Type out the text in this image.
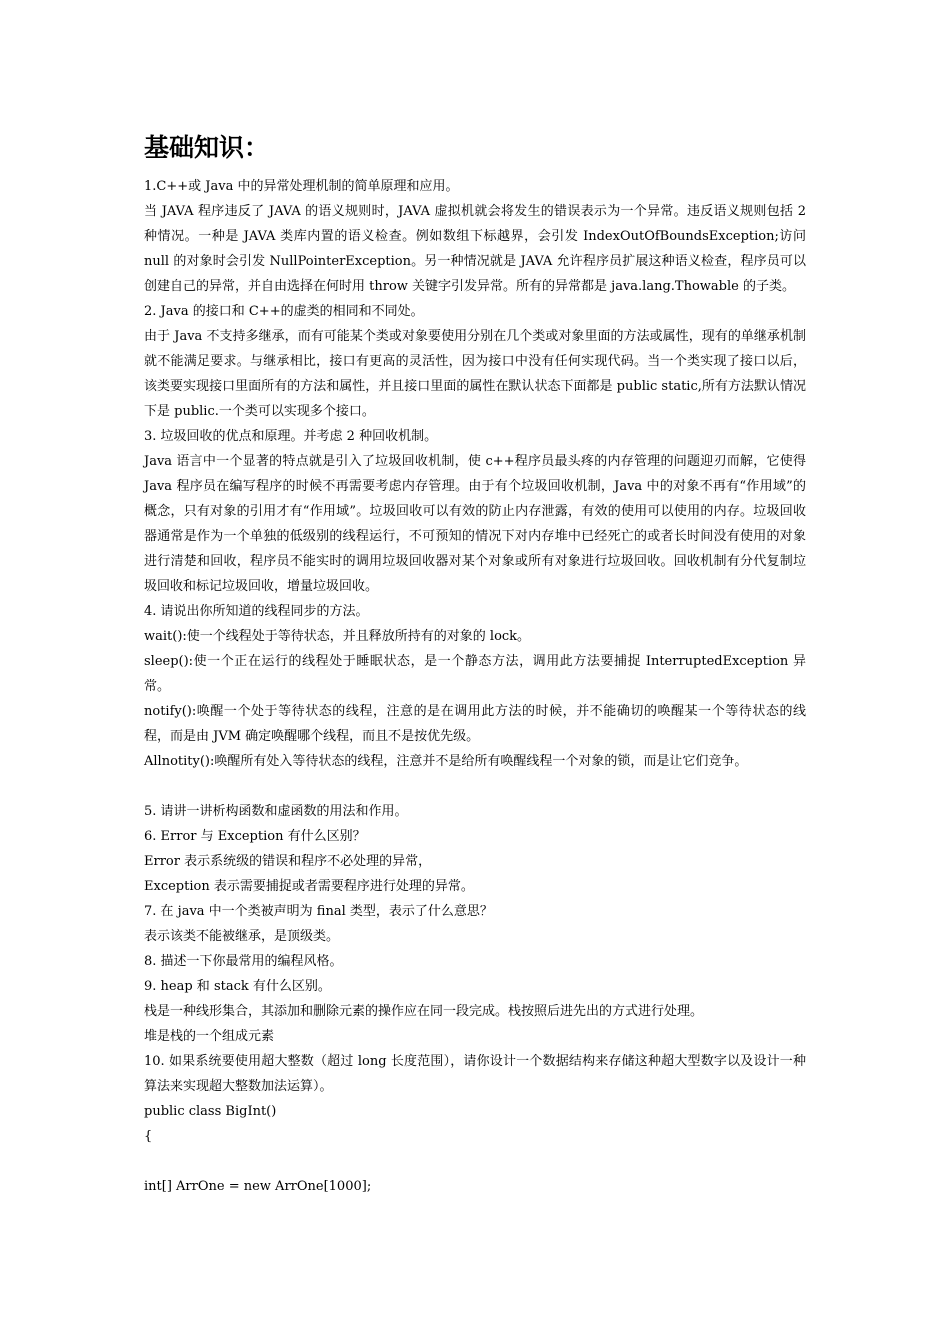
基础知识：

1.C++或 Java 中的异常处理机制的简单原理和应用。

当 JAVA 程序违反了 JAVA 的语义规则时，JAVA 虚拟机就会将发生的错误表示为一个异常。违反语义规则包括 2 种情况。一种是 JAVA 类库内置的语义检查。例如数组下标越界，会引发 IndexOutOfBoundsException;访问 null 的对象时会引发 NullPointerException。另一种情况就是 JAVA 允许程序员扩展这种语义检查，程序员可以创建自己的异常，并自由选择在何时用 throw 关键字引发异常。所有的异常都是 java.lang.Thowable 的子类。

2. Java 的接口和 C++的虚类的相同和不同处。

由于 Java 不支持多继承，而有可能某个类或对象要使用分别在几个类或对象里面的方法或属性，现有的单继承机制就不能满足要求。与继承相比，接口有更高的灵活性，因为接口中没有任何实现代码。当一个类实现了接口以后，该类要实现接口里面所有的方法和属性，并且接口里面的属性在默认状态下面都是 public static,所有方法默认情况下是 public.一个类可以实现多个接口。

3. 垃圾回收的优点和原理。并考虑 2 种回收机制。

Java 语言中一个显著的特点就是引入了垃圾回收机制，使 c++程序员最头疼的内存管理的问题迎刃而解，它使得 Java 程序员在编写程序的时候不再需要考虑内存管理。由于有个垃圾回收机制，Java 中的对象不再有“作用域”的概念，只有对象的引用才有“作用域”。垃圾回收可以有效的防止内存泄露，有效的使用可以使用的内存。垃圾回收器通常是作为一个单独的低级别的线程运行，不可预知的情况下对内存堆中已经死亡的或者长时间没有使用的对象进行清楚和回收，程序员不能实时的调用垃圾回收器对某个对象或所有对象进行垃圾回收。回收机制有分代复制垃圾回收和标记垃圾回收，增量垃圾回收。

4. 请说出你所知道的线程同步的方法。

wait():使一个线程处于等待状态，并且释放所持有的对象的 lock。

sleep():使一个正在运行的线程处于睡眠状态，是一个静态方法，调用此方法要捕捉 InterruptedException 异常。

notify():唤醒一个处于等待状态的线程，注意的是在调用此方法的时候，并不能确切的唤醒某一个等待状态的线程，而是由 JVM 确定唤醒哪个线程，而且不是按优先级。

Allnotity():唤醒所有处入等待状态的线程，注意并不是给所有唤醒线程一个对象的锁，而是让它们竞争。

5. 请讲一讲析构函数和虚函数的用法和作用。

6. Error 与 Exception 有什么区别？

Error 表示系统级的错误和程序不必处理的异常，

Exception 表示需要捕捉或者需要程序进行处理的异常。

7. 在 java 中一个类被声明为 final 类型，表示了什么意思？

表示该类不能被继承，是顶级类。

8. 描述一下你最常用的编程风格。

9. heap 和 stack 有什么区别。

栈是一种线形集合，其添加和删除元素的操作应在同一段完成。栈按照后进先出的方式进行处理。

堆是栈的一个组成元素

10. 如果系统要使用超大整数（超过 long 长度范围），请你设计一个数据结构来存储这种超大型数字以及设计一种算法来实现超大整数加法运算）。

public class BigInt()

{

int[] ArrOne = new ArrOne[1000];
